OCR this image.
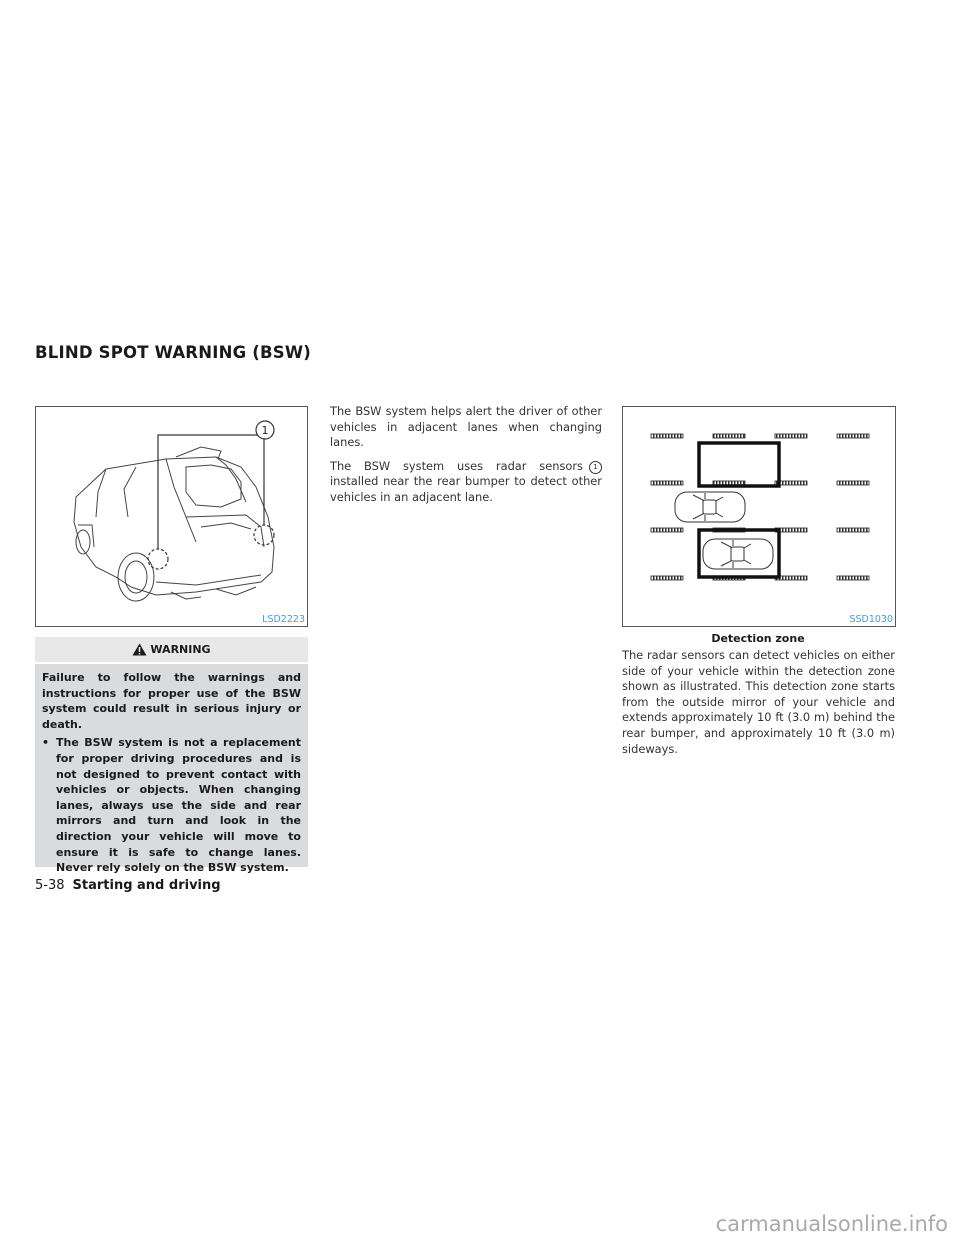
BLIND SPOT WARNING (BSW)
1
LSD2223	SSD1030
Detection zone
WARNING

Failure to follow the warnings and instructions for proper use of the BSW system could result in serious injury or death.

• The BSW system is not a replacement for proper driving procedures and is not designed to prevent contact with vehicles or objects. When changing lanes, always use the side and rear mirrors and turn and look in the direction your vehicle will move to ensure it is safe to change lanes. Never rely solely on the BSW system.

The BSW system helps alert the driver of other vehicles in adjacent lanes when changing lanes.

The BSW system uses radar sensors 1 installed near the rear bumper to detect other vehicles in an adjacent lane.

The radar sensors can detect vehicles on either side of your vehicle within the detection zone shown as illustrated. This detection zone starts from the outside mirror of your vehicle and extends approximately 10 ft (3.0 m) behind the rear bumper, and approximately 10 ft (3.0 m) sideways.

5-38 Starting and driving
carmanualsonline.info
